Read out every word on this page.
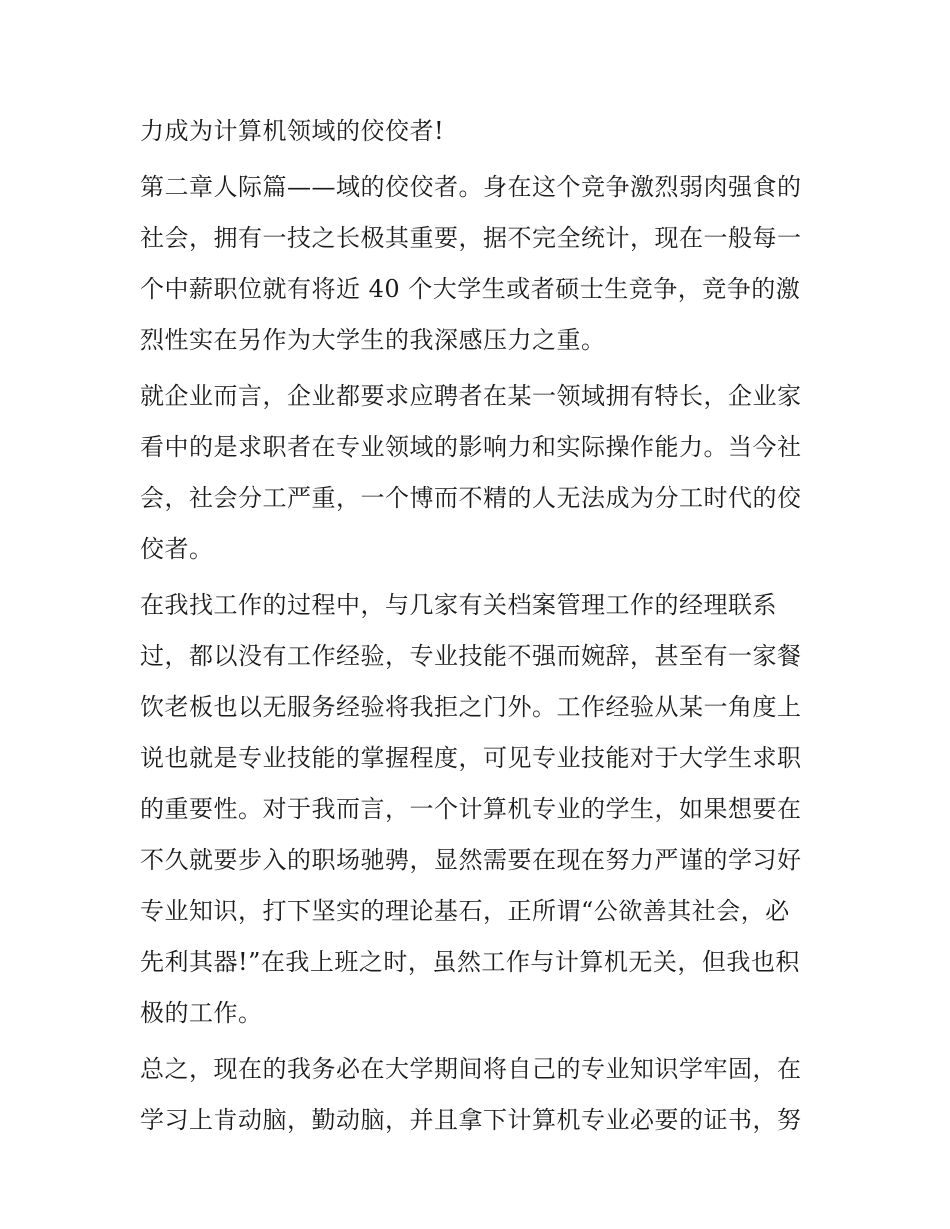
力成为计算机领域的佼佼者!
第二章人际篇——域的佼佼者。身在这个竞争激烈弱肉强食的
社会，拥有一技之长极其重要，据不完全统计，现在一般每一
个中薪职位就有将近 40 个大学生或者硕士生竞争，竞争的激
烈性实在另作为大学生的我深感压力之重。
就企业而言，企业都要求应聘者在某一领域拥有特长，企业家
看中的是求职者在专业领域的影响力和实际操作能力。当今社
会，社会分工严重，一个博而不精的人无法成为分工时代的佼
佼者。
在我找工作的过程中，与几家有关档案管理工作的经理联系
过，都以没有工作经验，专业技能不强而婉辞，甚至有一家餐
饮老板也以无服务经验将我拒之门外。工作经验从某一角度上
说也就是专业技能的掌握程度，可见专业技能对于大学生求职
的重要性。对于我而言，一个计算机专业的学生，如果想要在
不久就要步入的职场驰骋，显然需要在现在努力严谨的学习好
专业知识，打下坚实的理论基石，正所谓“公欲善其社会，必
先利其器!”在我上班之时，虽然工作与计算机无关，但我也积
极的工作。
总之，现在的我务必在大学期间将自己的专业知识学牢固，在
学习上肯动脑，勤动脑，并且拿下计算机专业必要的证书，努
